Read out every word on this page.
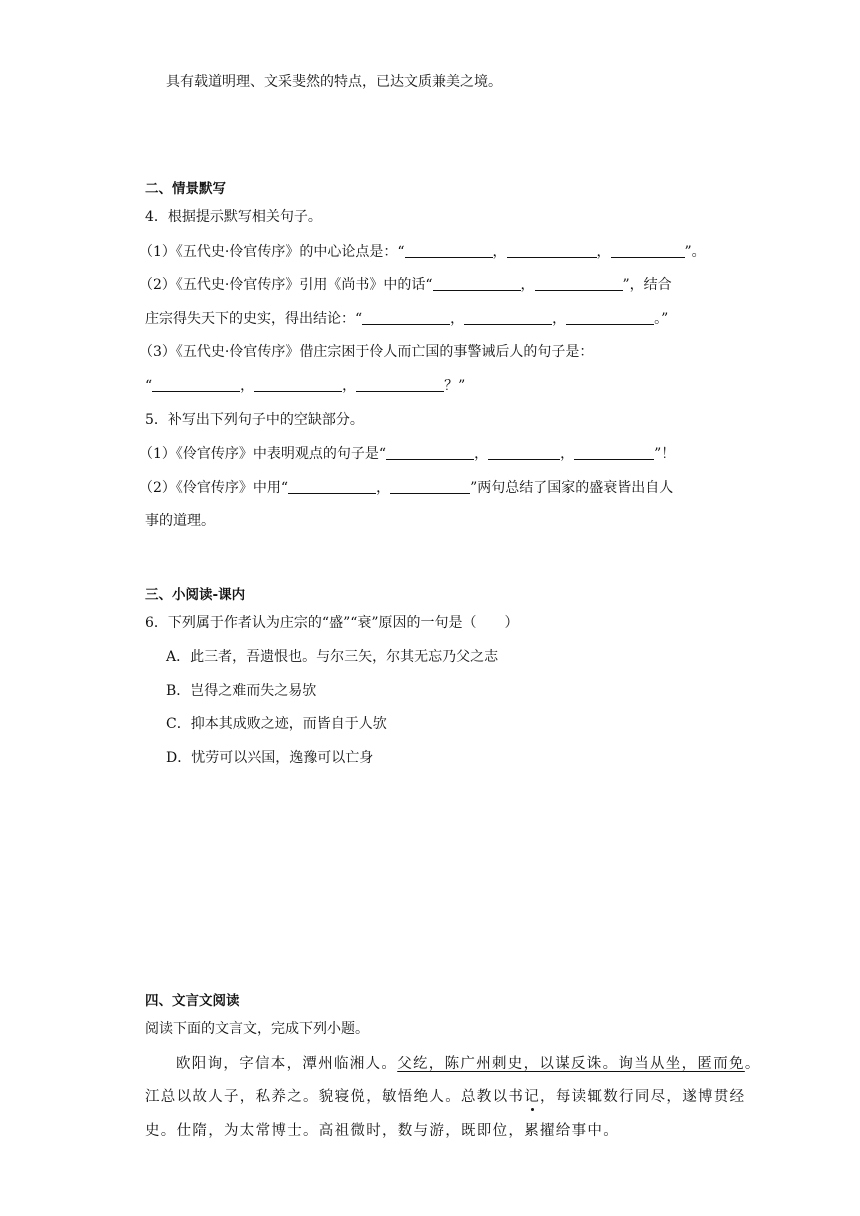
具有载道明理、文采斐然的特点，已达文质兼美之境。
二、情景默写
4．根据提示默写相关句子。
（1）《五代史·伶官传序》的中心论点是：“	，	，	”。
（2）《五代史·伶官传序》引用《尚书》中的话“	，	”，结合
庄宗得失天下的史实，得出结论：“	，	，	。”
（3）《五代史·伶官传序》借庄宗困于伶人而亡国的事警诫后人的句子是：
“	，	，	？”
5．补写出下列句子中的空缺部分。
（1）《伶官传序》中表明观点的句子是“	，	，	”！
（2）《伶官传序》中用“	，	”两句总结了国家的盛衰皆出自人
事的道理。
三、小阅读-课内
6．下列属于作者认为庄宗的“盛”“衰”原因的一句是（　　）
A．此三者，吾遗恨也。与尔三矢，尔其无忘乃父之志
B．岂得之难而失之易欤
C．抑本其成败之迹，而皆自于人欤
D．忧劳可以兴国，逸豫可以亡身
四、文言文阅读
阅读下面的文言文，完成下列小题。
欧阳询，字信本，潭州临湘人。父纥，陈广州刺史，以谋反诛。询当从坐，匿而免。
江总以故人子，私养之。貌寝侻，敏悟绝人。总教以书记，每读辄数行同尽，遂博贯经
史。仕隋，为太常博士。高祖微时，数与游，既即位，累擢给事中。
